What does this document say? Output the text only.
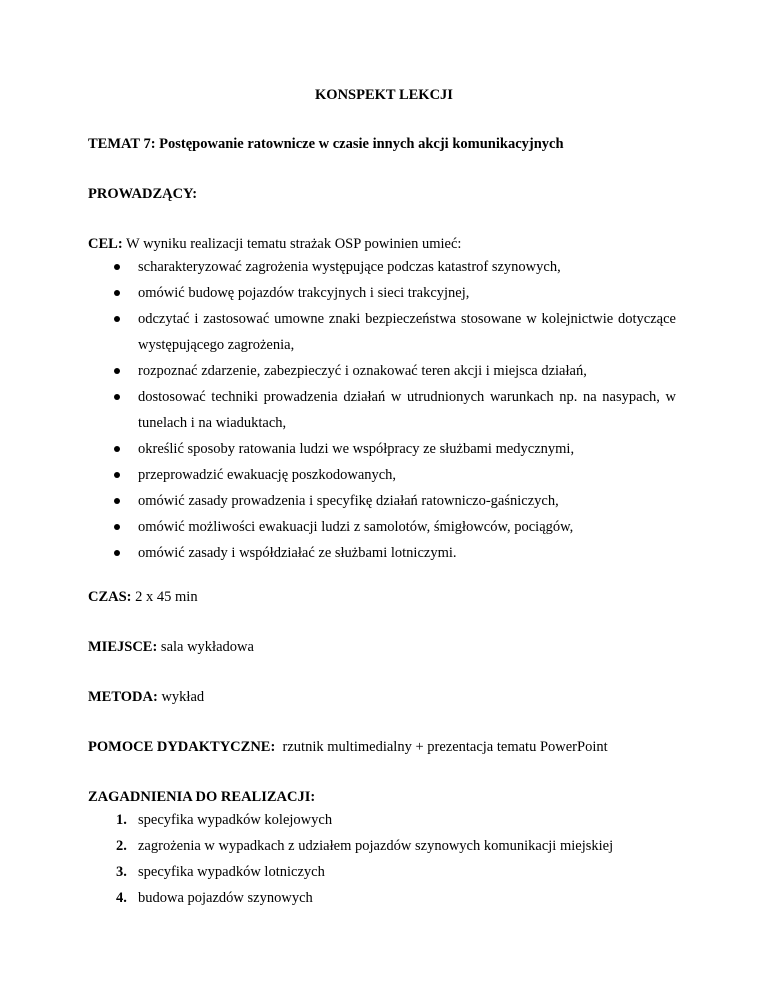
KONSPEKT LEKCJI
TEMAT 7: Postępowanie ratownicze w czasie innych akcji komunikacyjnych
PROWADZĄCY:
CEL: W wyniku realizacji tematu strażak OSP powinien umieć:
scharakteryzować zagrożenia występujące podczas katastrof szynowych,
omówić budowę pojazdów trakcyjnych i sieci trakcyjnej,
odczytać i zastosować umowne znaki bezpieczeństwa stosowane w kolejnictwie dotyczące występującego zagrożenia,
rozpoznać zdarzenie, zabezpieczyć i oznakować teren akcji i miejsca działań,
dostosować techniki prowadzenia działań w utrudnionych warunkach np. na nasypach, w tunelach i na wiaduktach,
określić sposoby ratowania ludzi we współpracy ze służbami medycznymi,
przeprowadzić ewakuację poszkodowanych,
omówić zasady prowadzenia i specyfikę działań ratowniczo-gaśniczych,
omówić możliwości ewakuacji ludzi z samolotów, śmigłowców, pociągów,
omówić zasady i współdziałać ze służbami lotniczymi.
CZAS: 2 x 45 min
MIEJSCE: sala wykładowa
METODA: wykład
POMOCE DYDAKTYCZNE:  rzutnik multimedialny + prezentacja tematu PowerPoint
ZAGADNIENIA DO REALIZACJI:
1. specyfika wypadków kolejowych
2. zagrożenia w wypadkach z udziałem pojazdów szynowych komunikacji miejskiej
3. specyfika wypadków lotniczych
4. budowa pojazdów szynowych
